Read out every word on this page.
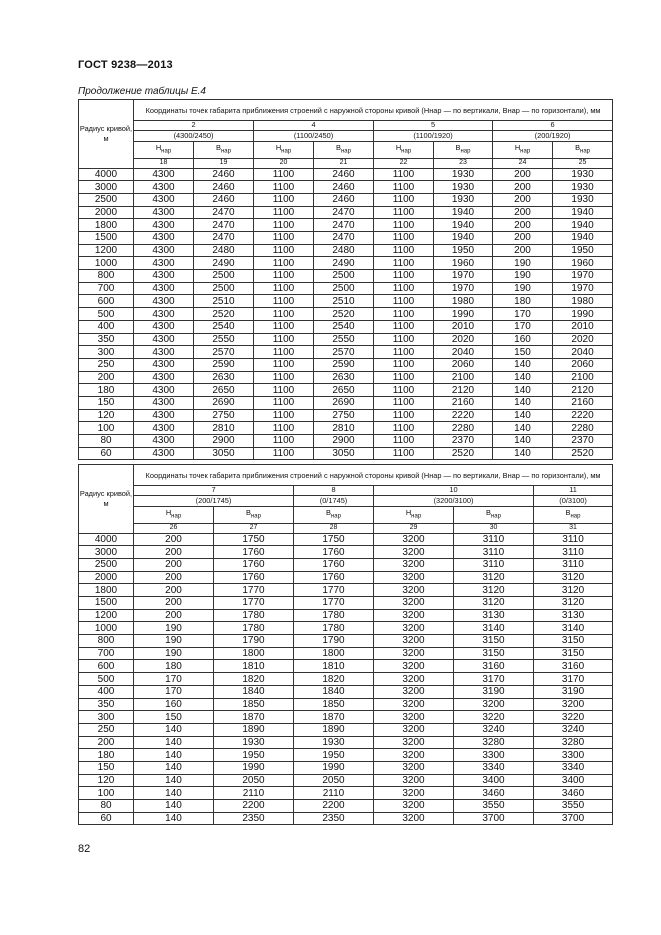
ГОСТ 9238—2013
Продолжение таблицы Е.4
Радиус кривой, м	Координаты точек габарита приближения строений с наружной стороны кривой (Hнар — по вертикали, Bнар — по горизонтали), мм							
	2		4		5		6	
	(4300/2450)		(1100/2450)		(1100/1920)		(200/1920)	
	$H_{нар}$	$B_{нар}$	$H_{нар}$	$B_{нар}$	$H_{нар}$	$B_{нар}$	$H_{нар}$	$B_{нар}$
	18	19	20	21	22	23	24	25
4000	4300	2460	1100	2460	1100	1930	200	1930
3000	4300	2460	1100	2460	1100	1930	200	1930
2500	4300	2460	1100	2460	1100	1930	200	1930
2000	4300	2470	1100	2470	1100	1940	200	1940
1800	4300	2470	1100	2470	1100	1940	200	1940
1500	4300	2470	1100	2470	1100	1940	200	1940
1200	4300	2480	1100	2480	1100	1950	200	1950
1000	4300	2490	1100	2490	1100	1960	190	1960
800	4300	2500	1100	2500	1100	1970	190	1970
700	4300	2500	1100	2500	1100	1970	190	1970
600	4300	2510	1100	2510	1100	1980	180	1980
500	4300	2520	1100	2520	1100	1990	170	1990
400	4300	2540	1100	2540	1100	2010	170	2010
350	4300	2550	1100	2550	1100	2020	160	2020
300	4300	2570	1100	2570	1100	2040	150	2040
250	4300	2590	1100	2590	1100	2060	140	2060
200	4300	2630	1100	2630	1100	2100	140	2100
180	4300	2650	1100	2650	1100	2120	140	2120
150	4300	2690	1100	2690	1100	2160	140	2160
120	4300	2750	1100	2750	1100	2220	140	2220
100	4300	2810	1100	2810	1100	2280	140	2280
80	4300	2900	1100	2900	1100	2370	140	2370
60	4300	3050	1100	3050	1100	2520	140	2520
Радиус кривой, м	Координаты точек габарита приближения строений с наружной стороны кривой (Hнар — по вертикали, Bнар — по горизонтали), мм					
	7		8	10		11
	(200/1745)		(0/1745)	(3200/3100)		(0/3100)
	$H_{нар}$	$B_{нар}$	$B_{нар}$	$H_{нар}$	$B_{нар}$	$B_{нар}$
	26	27	28	29	30	31
4000	200	1750	1750	3200	3110	3110
3000	200	1760	1760	3200	3110	3110
2500	200	1760	1760	3200	3110	3110
2000	200	1760	1760	3200	3120	3120
1800	200	1770	1770	3200	3120	3120
1500	200	1770	1770	3200	3120	3120
1200	200	1780	1780	3200	3130	3130
1000	190	1780	1780	3200	3140	3140
800	190	1790	1790	3200	3150	3150
700	190	1800	1800	3200	3150	3150
600	180	1810	1810	3200	3160	3160
500	170	1820	1820	3200	3170	3170
400	170	1840	1840	3200	3190	3190
350	160	1850	1850	3200	3200	3200
300	150	1870	1870	3200	3220	3220
250	140	1890	1890	3200	3240	3240
200	140	1930	1930	3200	3280	3280
180	140	1950	1950	3200	3300	3300
150	140	1990	1990	3200	3340	3340
120	140	2050	2050	3200	3400	3400
100	140	2110	2110	3200	3460	3460
80	140	2200	2200	3200	3550	3550
60	140	2350	2350	3200	3700	3700
82
